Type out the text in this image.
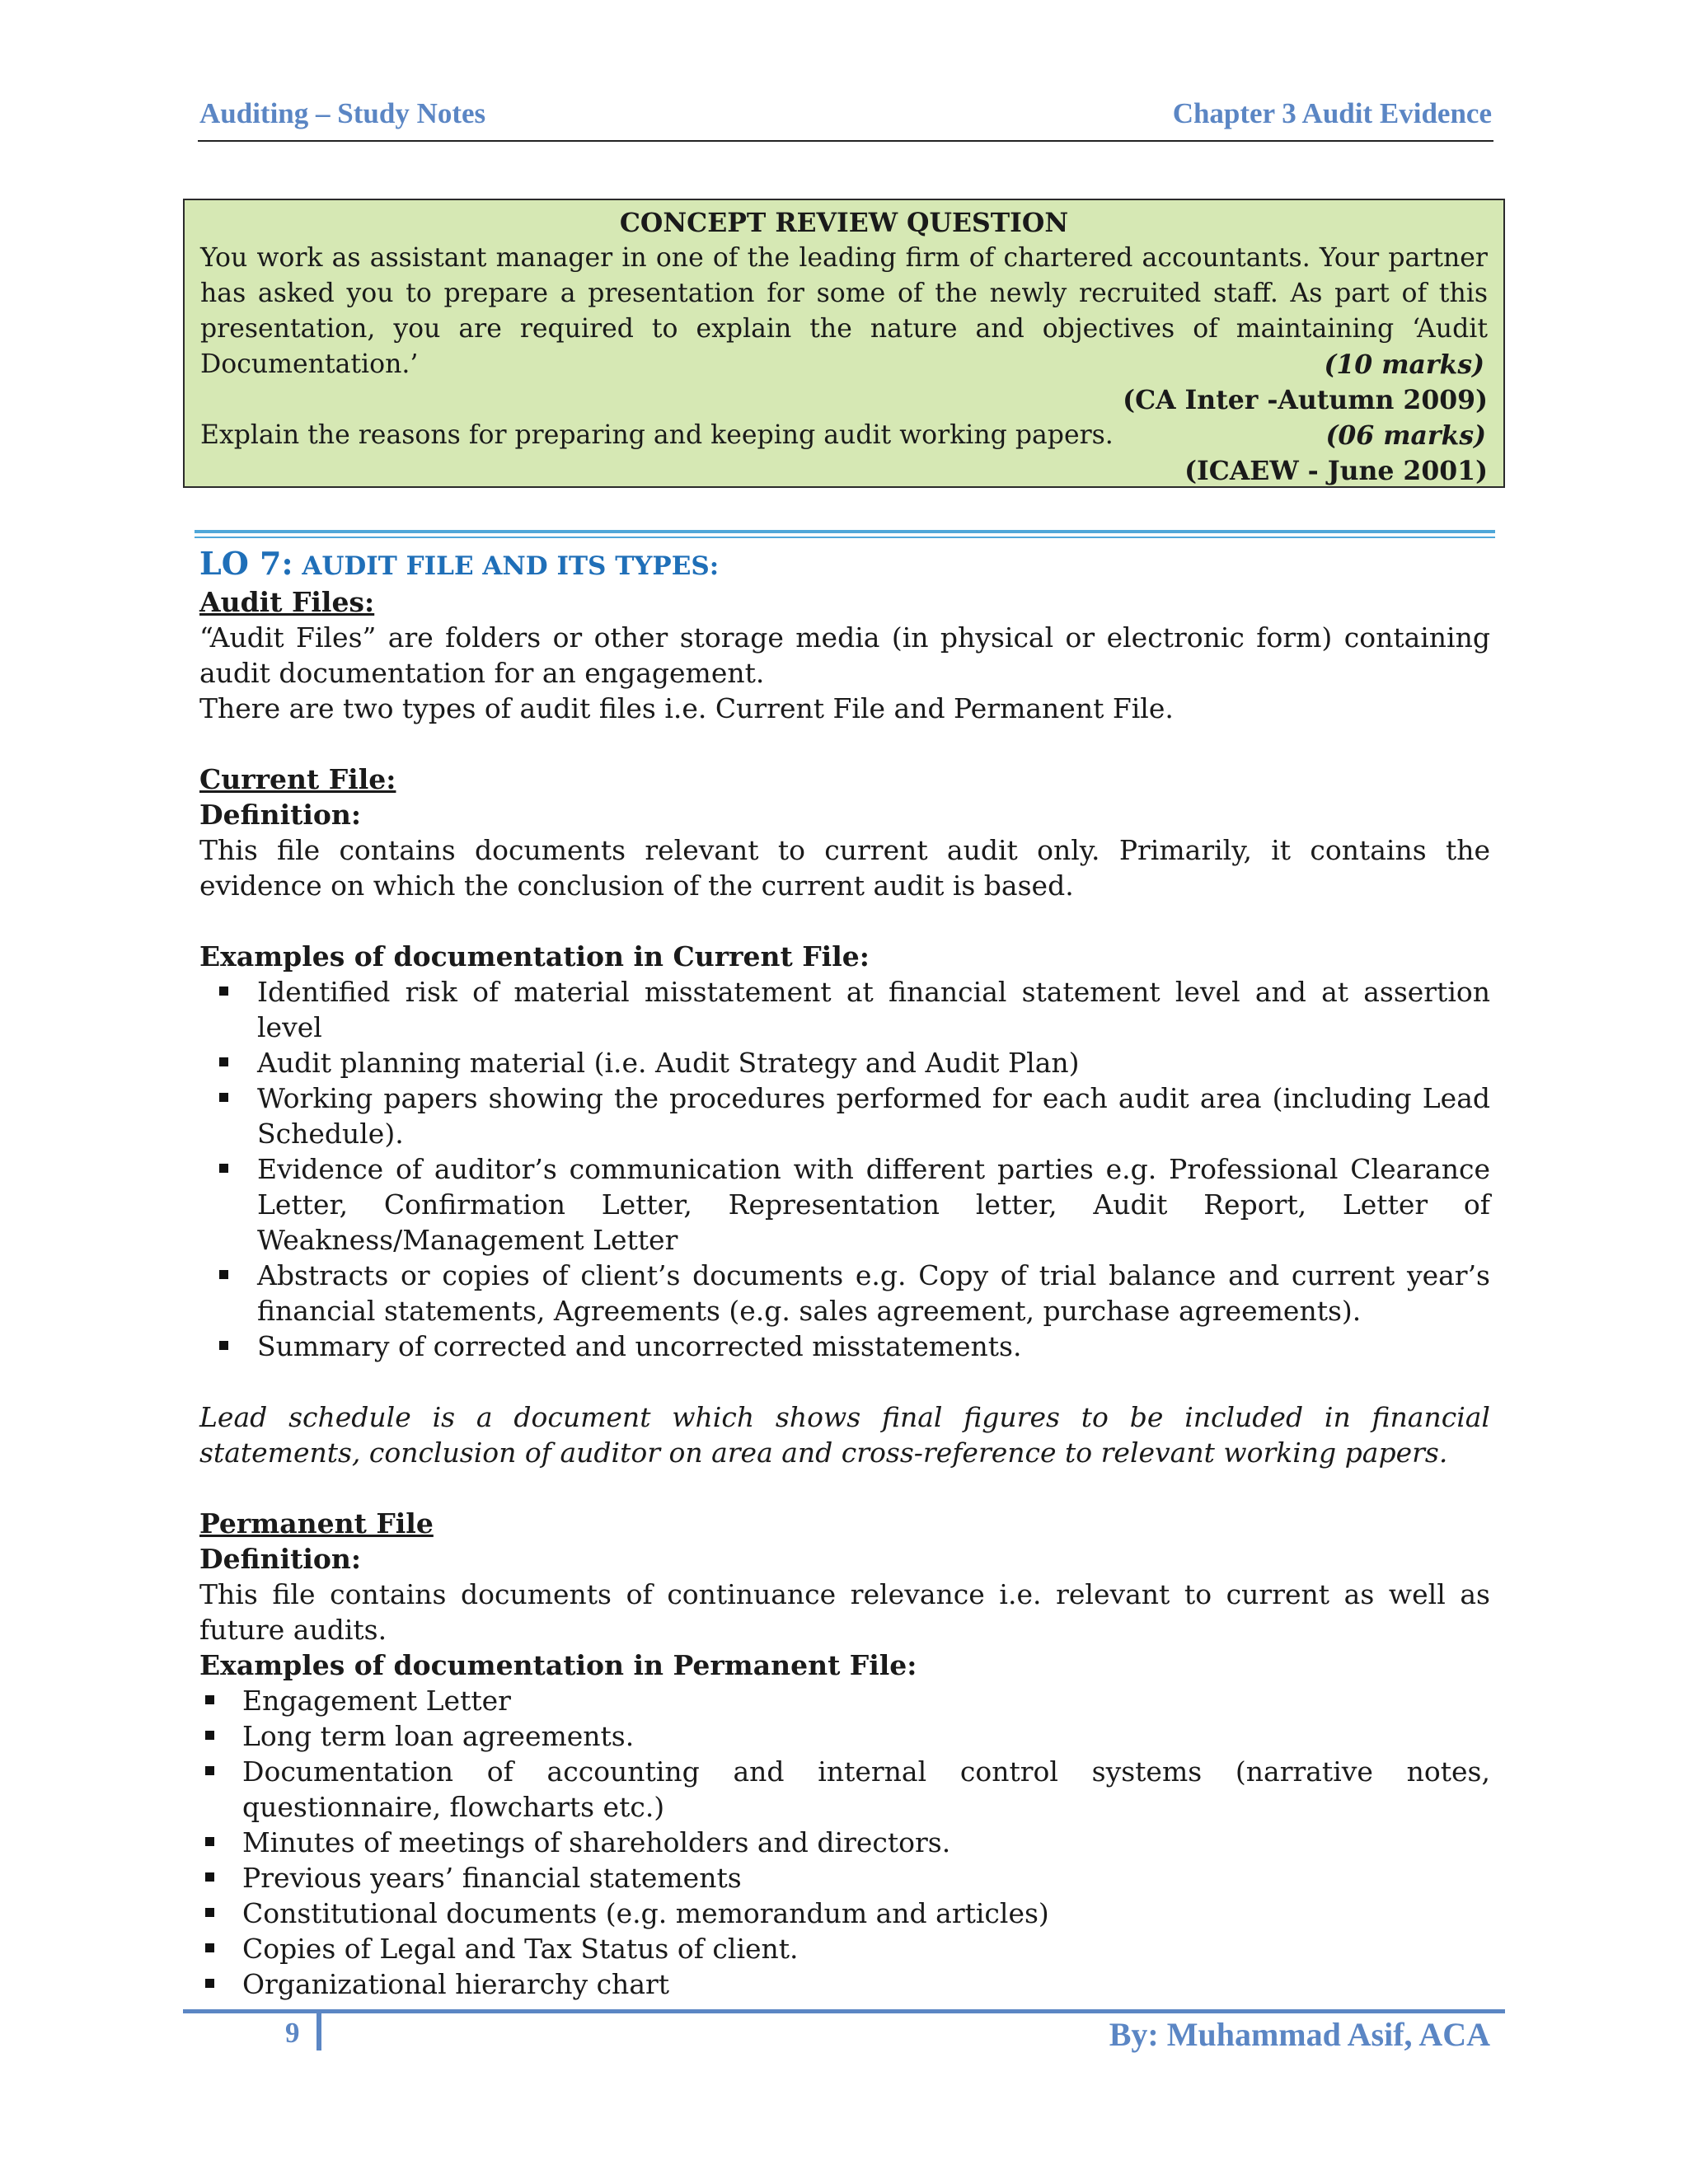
Auditing – Study Notes	Chapter 3 Audit Evidence
CONCEPT REVIEW QUESTION
You work as assistant manager in one of the leading firm of chartered accountants. Your partner has asked you to prepare a presentation for some of the newly recruited staff. As part of this presentation, you are required to explain the nature and objectives of maintaining ‘Audit Documentation.’	(10 marks)
(CA Inter -Autumn 2009)
Explain the reasons for preparing and keeping audit working papers.	(06 marks)
(ICAEW - June 2001)
LO 7: AUDIT FILE AND ITS TYPES:

Audit Files:

“Audit Files” are folders or other storage media (in physical or electronic form) containing audit documentation for an engagement.

There are two types of audit files i.e. Current File and Permanent File.

Current File:

Definition:

This file contains documents relevant to current audit only. Primarily, it contains the evidence on which the conclusion of the current audit is based.

Examples of documentation in Current File:

Identified risk of material misstatement at financial statement level and at assertion level
Audit planning material (i.e. Audit Strategy and Audit Plan)
Working papers showing the procedures performed for each audit area (including Lead Schedule).
Evidence of auditor’s communication with different parties e.g. Professional Clearance Letter, Confirmation Letter, Representation letter, Audit Report, Letter of Weakness/Management Letter
Abstracts or copies of client’s documents e.g. Copy of trial balance and current year’s financial statements, Agreements (e.g. sales agreement, purchase agreements).
Summary of corrected and uncorrected misstatements.

Lead schedule is a document which shows final figures to be included in financial statements, conclusion of auditor on area and cross-reference to relevant working papers.

Permanent File

Definition:

This file contains documents of continuance relevance i.e. relevant to current as well as future audits.

Examples of documentation in Permanent File:

Engagement Letter
Long term loan agreements.
Documentation of accounting and internal control systems (narrative notes, questionnaire, flowcharts etc.)
Minutes of meetings of shareholders and directors.
Previous years’ financial statements
Constitutional documents (e.g. memorandum and articles)
Copies of Legal and Tax Status of client.
Organizational hierarchy chart
9	By: Muhammad Asif, ACA
